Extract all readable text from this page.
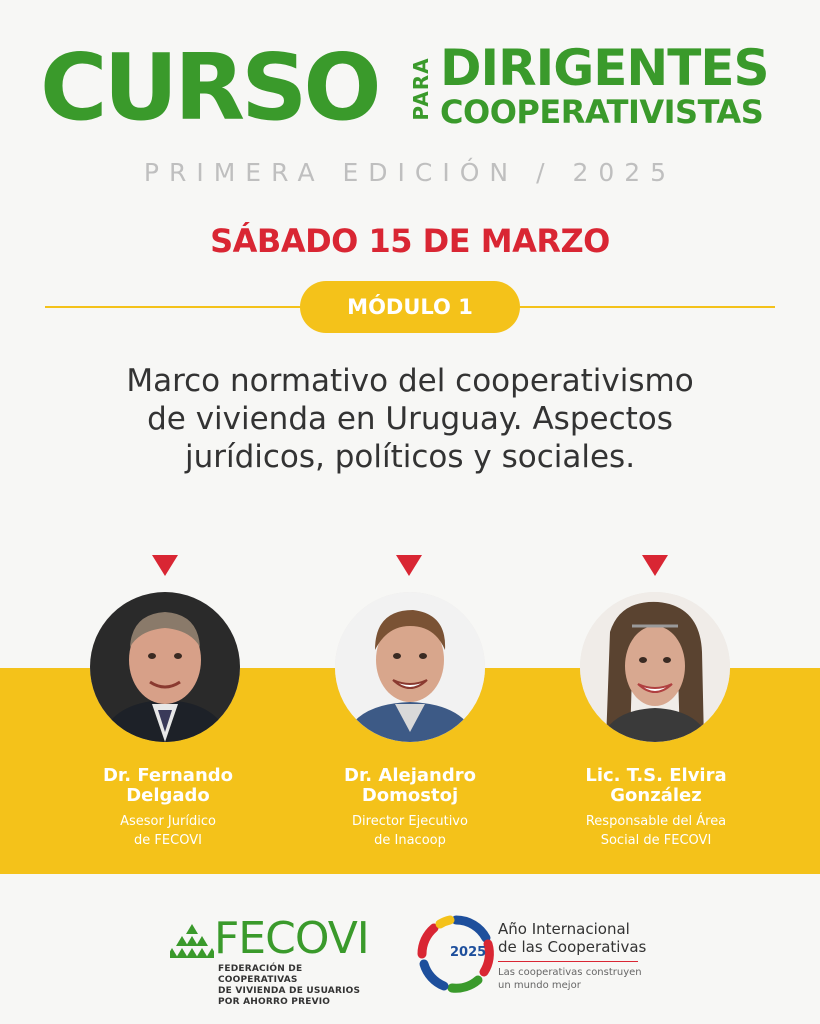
CURSO PARA DIRIGENTES
COOPERATIVISTAS
PRIMERA EDICIÓN / 2025
SÁBADO 15 DE MARZO
MÓDULO 1
Marco normativo del cooperativismo
de vivienda en Uruguay. Aspectos
jurídicos, políticos y sociales.
Dr. Fernando
Delgado
Asesor Jurídico
de FECOVI
Dr. Alejandro
Domostoj
Director Ejecutivo
de Inacoop
Lic. T.S. Elvira
González
Responsable del Área
Social de FECOVI
FECOVI
FEDERACIÓN DE COOPERATIVAS
DE VIVIENDA DE USUARIOS
POR AHORRO PREVIO
2025
Año Internacional
de las Cooperativas
Las cooperativas construyen
un mundo mejor
